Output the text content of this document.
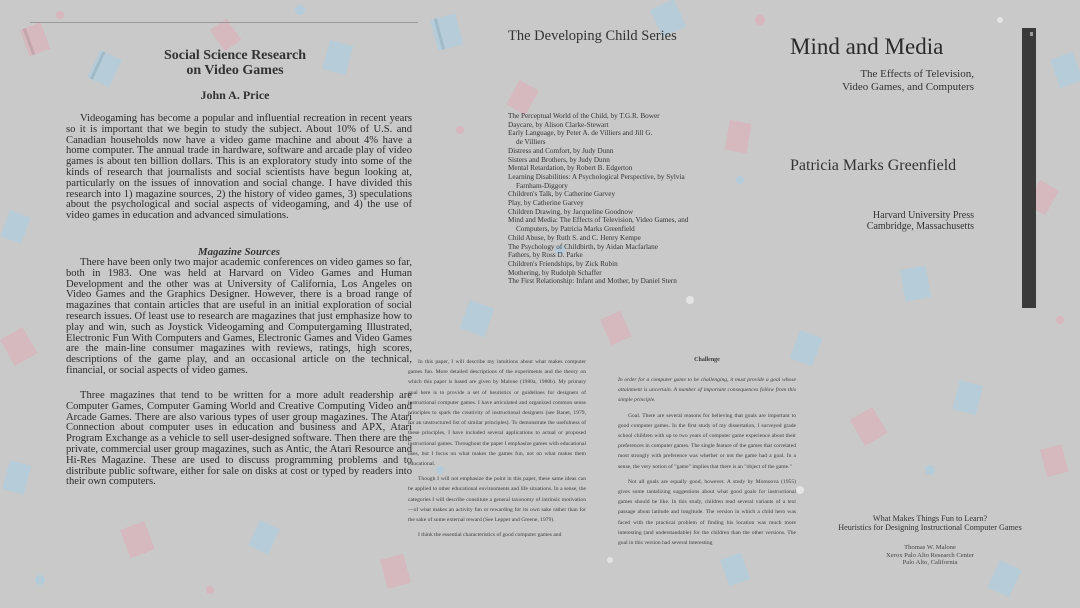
Social Science Research
on Video Games
John A. Price
Videogaming has become a popular and influential recreation in recent years so it is important that we begin to study the subject. About 10% of U.S. and Canadian households now have a video game machine and about 4% have a home computer. The annual trade in hardware, software and arcade play of video games is about ten billion dollars. This is an exploratory study into some of the kinds of research that journalists and social scientists have begun looking at, particularly on the issues of innovation and social change. I have divided this research into 1) magazine sources, 2) the history of video games, 3) speculations about the psychological and social aspects of videogaming, and 4) the use of video games in education and advanced simulations.
Magazine Sources
There have been only two major academic conferences on video games so far, both in 1983. One was held at Harvard on Video Games and Human Development and the other was at University of California, Los Angeles on Video Games and the Graphics Designer. However, there is a broad range of magazines that contain articles that are useful in an initial exploration of social research issues. Of least use to research are magazines that just emphasize how to play and win, such as Joystick Videogaming and Computergaming Illustrated, Electronic Fun With Computers and Games, Electronic Games and Video Games are the main-line consumer magazines with reviews, ratings, high scores, descriptions of the game play, and an occasional article on the technical, financial, or social aspects of video games.
Three magazines that tend to be written for a more adult readership are Computer Games, Computer Gaming World and Creative Computing Video and Arcade Games. There are also various types of user group magazines. The Atari Connection about computer uses in education and business and APX, Atari Program Exchange as a vehicle to sell user-designed software. Then there are the private, commercial user group magazines, such as Antic, the Atari Resource and Hi-Res Magazine. These are used to discuss programming problems and to distribute public software, either for sale on disks at cost or typed by readers into their own computers.
The Developing Child Series
The Perceptual World of the Child, by T.G.R. Bower
Daycare, by Alison Clarke-Stewart
Early Language, by Peter A. de Villiers and Jill G.
de Villiers
Distress and Comfort, by Judy Dunn
Sisters and Brothers, by Judy Dunn
Mental Retardation, by Robert B. Edgerton
Learning Disabilities: A Psychological Perspective, by Sylvia
Farnham-Diggory
Children's Talk, by Catherine Garvey
Play, by Catherine Garvey
Children Drawing, by Jacqueline Goodnow
Mind and Media: The Effects of Television, Video Games, and
Computers, by Patricia Marks Greenfield
Child Abuse, by Ruth S. and C. Henry Kempe
The Psychology of Childbirth, by Aidan Macfarlane
Fathers, by Ross D. Parke
Children's Friendships, by Zick Rubin
Mothering, by Rudolph Schaffer
The First Relationship: Infant and Mother, by Daniel Stern
Mind and Media
The Effects of Television,
Video Games, and Computers
Patricia Marks Greenfield
Harvard University Press
Cambridge, Massachusetts

In this paper, I will describe my intuitions about what makes computer games fun. More detailed descriptions of the experiments and the theory on which this paper is based are given by Malone (1980a, 1980b). My primary goal here is to provide a set of heuristics or guidelines for designers of instructional computer games. I have articulated and organized common sense principles to spark the creativity of instructional designers (see Banet, 1979, for an unstructured list of similar principles). To demonstrate the usefulness of these principles, I have included several applications to actual or proposed instructional games. Throughout the paper I emphasize games with educational uses, but I focus on what makes the games fun, not on what makes them educational.

Though I will not emphasize the point in this paper, these same ideas can be applied to other educational environments and life situations. In a sense, the categories I will describe constitute a general taxonomy of intrinsic motivation—of what makes an activity fun or rewarding for its own sake rather than for the sake of some external reward (See Lepper and Greene, 1979).

I think the essential characteristics of good computer games and

Challenge

In order for a computer game to be challenging, it must provide a goal whose attainment is uncertain. A number of important consequences follow from this simple principle.

Goal. There are several reasons for believing that goals are important to good computer games. In the first study of my dissertation, I surveyed grade school children with up to two years of computer game experience about their preferences in computer games. The single feature of the games that correlated most strongly with preference was whether or not the game had a goal. In a sense, the very notion of "game" implies that there is an "object of the game."

Not all goals are equally good, however. A study by Momoova (1955) gives some tantalizing suggestions about what good goals for instructional games should be like. In this study, children read several variants of a text passage about latitude and longitude. The version in which a child hero was faced with the practical problem of finding his location was much more interesting (and understandable) for the children than the other versions. The goal in this version had several interesting

What Makes Things Fun to Learn?
Heuristics for Designing Instructional Computer Games
Thomas W. Malone
Xerox Palo Alto Research Center
Palo Alto, California
